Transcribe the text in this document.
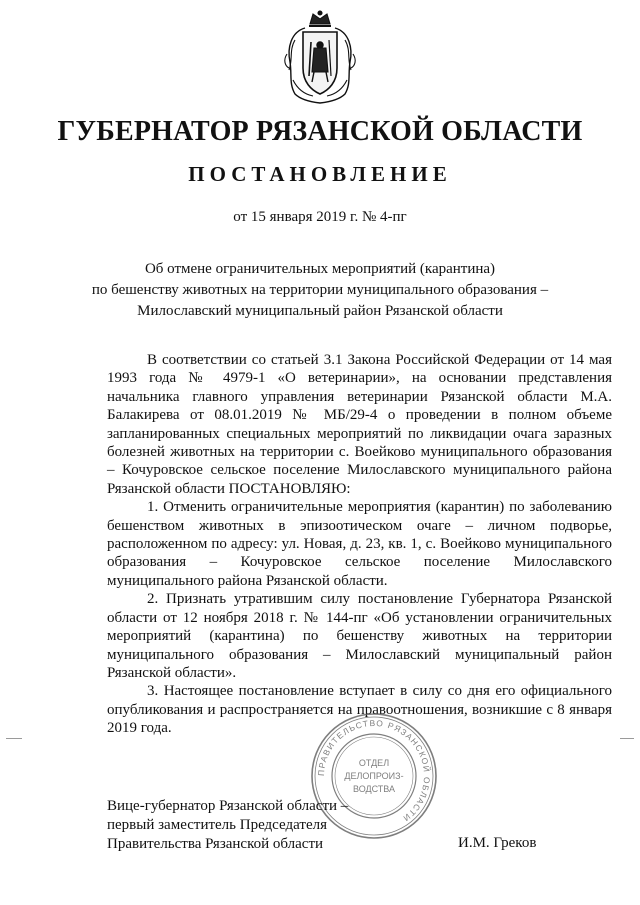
ГУБЕРНАТОР РЯЗАНСКОЙ ОБЛАСТИ
ПОСТАНОВЛЕНИЕ
от 15 января 2019 г. № 4-пг
Об отмене ограничительных мероприятий (карантина)
по бешенству животных на территории муниципального образования –
Милославский муниципальный район Рязанской области

В соответствии со статьей 3.1 Закона Российской Федерации от 14 мая 1993 года № 4979-1 «О ветеринарии», на основании представления начальника главного управления ветеринарии Рязанской области М.А. Балакирева от 08.01.2019 № МБ/29-4 о проведении в полном объеме запланированных специальных мероприятий по ликвидации очага заразных болезней животных на территории с. Воейково муниципального образования – Кочуровское сельское поселение Милославского муниципального района Рязанской области ПОСТАНОВЛЯЮ:

1. Отменить ограничительные мероприятия (карантин) по заболеванию бешенством животных в эпизоотическом очаге – личном подворье, расположенном по адресу: ул. Новая, д. 23, кв. 1, с. Воейково муниципального образования – Кочуровское сельское поселение Милославского муниципального района Рязанской области.

2. Признать утратившим силу постановление Губернатора Рязанской области от 12 ноября 2018 г. № 144-пг «Об установлении ограничительных мероприятий (карантина) по бешенству животных на территории муниципального образования – Милославский муниципальный район Рязанской области».

3. Настоящее постановление вступает в силу со дня его официального опубликования и распространяется на правоотношения, возникшие с 8 января 2019 года.

ПРАВИТЕЛЬСТВО РЯЗАНСКОЙ ОБЛАСТИ
ОТДЕЛ
ДЕЛОПРОИЗ-
ВОДСТВА
Вице-губернатор Рязанской области –
первый заместитель Председателя
Правительства Рязанской области	И.М. Греков
